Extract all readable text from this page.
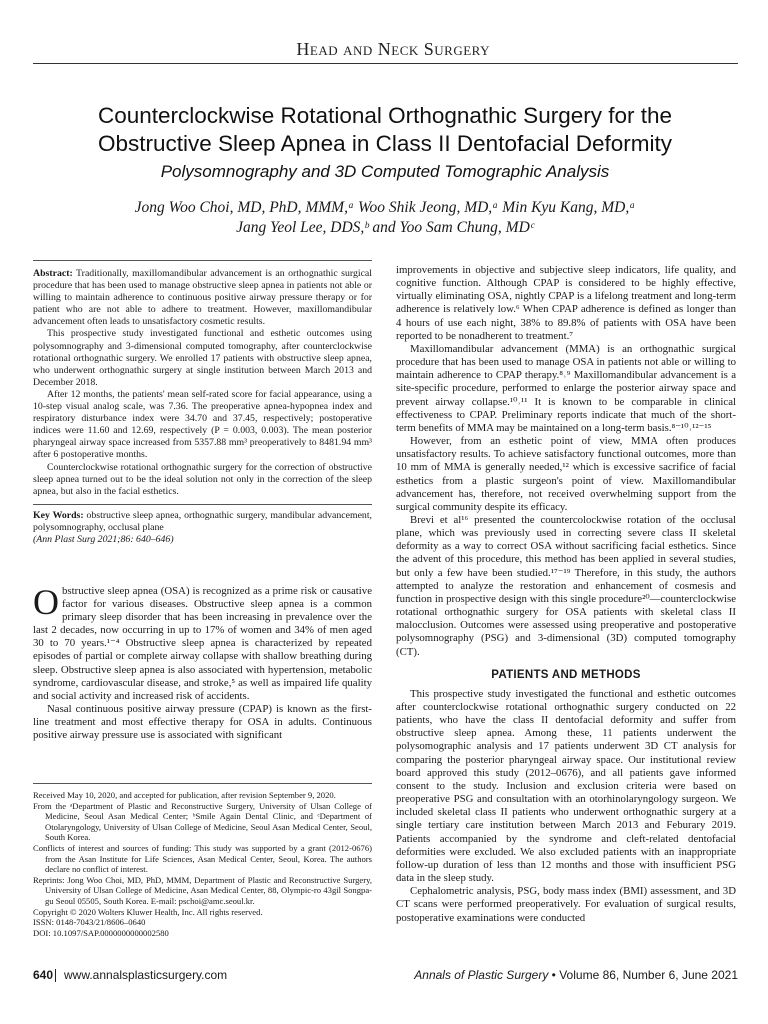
Head and Neck Surgery
Counterclockwise Rotational Orthognathic Surgery for the Obstructive Sleep Apnea in Class II Dentofacial Deformity
Polysomnography and 3D Computed Tomographic Analysis

Jong Woo Choi, MD, PhD, MMM,ᵃ Woo Shik Jeong, MD,ᵃ Min Kyu Kang, MD,ᵃ

Jang Yeol Lee, DDS,ᵇ and Yoo Sam Chung, MDᶜ

Abstract: Traditionally, maxillomandibular advancement is an orthognathic surgical procedure that has been used to manage obstructive sleep apnea in patients not able or willing to maintain adherence to continuous positive airway pressure therapy or for patient who are not able to adhere to treatment. However, maxillomandibular advancement often leads to unsatisfactory cosmetic results.

This prospective study investigated functional and esthetic outcomes using polysomnography and 3-dimensional computed tomography, after counterclockwise rotational orthognathic surgery. We enrolled 17 patients with obstructive sleep apnea, who underwent orthognathic surgery at single institution between March 2013 and December 2018.

After 12 months, the patients' mean self-rated score for facial appearance, using a 10-step visual analog scale, was 7.36. The preoperative apnea-hypopnea index and respiratory disturbance index were 34.70 and 37.45, respectively; postoperative indices were 11.60 and 12.69, respectively (P = 0.003, 0.003). The mean posterior pharyngeal airway space increased from 5357.88 mm³ preoperatively to 8481.94 mm³ after 6 postoperative months.

Counterclockwise rotational orthognathic surgery for the correction of obstructive sleep apnea turned out to be the ideal solution not only in the correction of the sleep apnea, but also in the facial esthetics.

Key Words: obstructive sleep apnea, orthognathic surgery, mandibular advancement, polysomnography, occlusal plane

(Ann Plast Surg 2021;86: 640–646)

Obstructive sleep apnea (OSA) is recognized as a prime risk or causative factor for various diseases. Obstructive sleep apnea is a common primary sleep disorder that has been increasing in prevalence over the last 2 decades, now occurring in up to 17% of women and 34% of men aged 30 to 70 years.¹⁻⁴ Obstructive sleep apnea is characterized by repeated episodes of partial or complete airway collapse with shallow breathing during sleep. Obstructive sleep apnea is also associated with hypertension, metabolic syndrome, cardiovascular disease, and stroke,⁵ as well as impaired life quality and social activity and increased risk of accidents.

Nasal continuous positive airway pressure (CPAP) is known as the first-line treatment and most effective therapy for OSA in adults. Continuous positive airway pressure use is associated with significant

Received May 10, 2020, and accepted for publication, after revision September 9, 2020.

From the ᵃDepartment of Plastic and Reconstructive Surgery, University of Ulsan College of Medicine, Seoul Asan Medical Center; ᵇSmile Again Dental Clinic, and ᶜDepartment of Otolaryngology, University of Ulsan College of Medicine, Seoul Asan Medical Center, Seoul, South Korea.

Conflicts of interest and sources of funding: This study was supported by a grant (2012-0676) from the Asan Institute for Life Sciences, Asan Medical Center, Seoul, Korea. The authors declare no conflict of interest.

Reprints: Jong Woo Choi, MD, PhD, MMM, Department of Plastic and Reconstructive Surgery, University of Ulsan College of Medicine, Asan Medical Center, 88, Olympic-ro 43gil Songpa-gu Seoul 05505, South Korea. E-mail: pschoi@amc.seoul.kr.

Copyright © 2020 Wolters Kluwer Health, Inc. All rights reserved.

ISSN: 0148-7043/21/8606–0640

DOI: 10.1097/SAP.0000000000002580

improvements in objective and subjective sleep indicators, life quality, and cognitive function. Although CPAP is considered to be highly effective, virtually eliminating OSA, nightly CPAP is a lifelong treatment and long-term adherence is relatively low.⁶ When CPAP adherence is defined as longer than 4 hours of use each night, 38% to 89.8% of patients with OSA have been reported to be nonadherent to treatment.⁷

Maxillomandibular advancement (MMA) is an orthognathic surgical procedure that has been used to manage OSA in patients not able or willing to maintain adherence to CPAP therapy.⁸˒⁹ Maxillomandibular advancement is a site-specific procedure, performed to enlarge the posterior airway space and prevent airway collapse.¹⁰˒¹¹ It is known to be comparable in clinical effectiveness to CPAP. Preliminary reports indicate that much of the short-term benefits of MMA may be maintained on a long-term basis.⁸⁻¹⁰˒¹²⁻¹⁵

However, from an esthetic point of view, MMA often produces unsatisfactory results. To achieve satisfactory functional outcomes, more than 10 mm of MMA is generally needed,¹² which is excessive sacrifice of facial esthetics from a plastic surgeon's point of view. Maxillomandibular advancement has, therefore, not received overwhelming support from the surgical community despite its efficacy.

Brevi et al¹⁶ presented the countercolockwise rotation of the occlusal plane, which was previously used in correcting severe class II skeletal deformity as a way to correct OSA without sacrificing facial esthetics. Since the advent of this procedure, this method has been applied in several studies, but only a few have been studied.¹⁷⁻¹⁹ Therefore, in this study, the authors attempted to analyze the restoration and enhancement of cosmesis and function in prospective design with this single procedure²⁰—counterclockwise rotational orthognathic surgery for OSA patients with skeletal class II malocclusion. Outcomes were assessed using preoperative and postoperative polysomnography (PSG) and 3-dimensional (3D) computed tomography (CT).

PATIENTS AND METHODS

This prospective study investigated the functional and esthetic outcomes after counterclockwise rotational orthognathic surgery conducted on 22 patients, who have the class II dentofacial deformity and suffer from obstructive sleep apnea. Among these, 11 patients underwent the polysomographic analysis and 17 patients underwent 3D CT analysis for comparing the posterior pharyngeal airway space. Our institutional review board approved this study (2012–0676), and all patients gave informed consent to the study. Inclusion and exclusion criteria were based on preoperative PSG and consultation with an otorhinolaryngology surgeon. We included skeletal class II patients who underwent orthognathic surgery at a single tertiary care institution between March 2013 and Feburary 2019. Patients accompanied by the syndrome and cleft-related dentofacial deformities were excluded. We also excluded patients with an inappropriate follow-up duration of less than 12 months and those with insufficient PSG data in the sleep study.

Cephalometric analysis, PSG, body mass index (BMI) assessment, and 3D CT scans were performed preoperatively. For evaluation of surgical results, postoperative examinations were conducted

640 www.annalsplasticsurgery.com	Annals of Plastic Surgery • Volume 86, Number 6, June 2021
